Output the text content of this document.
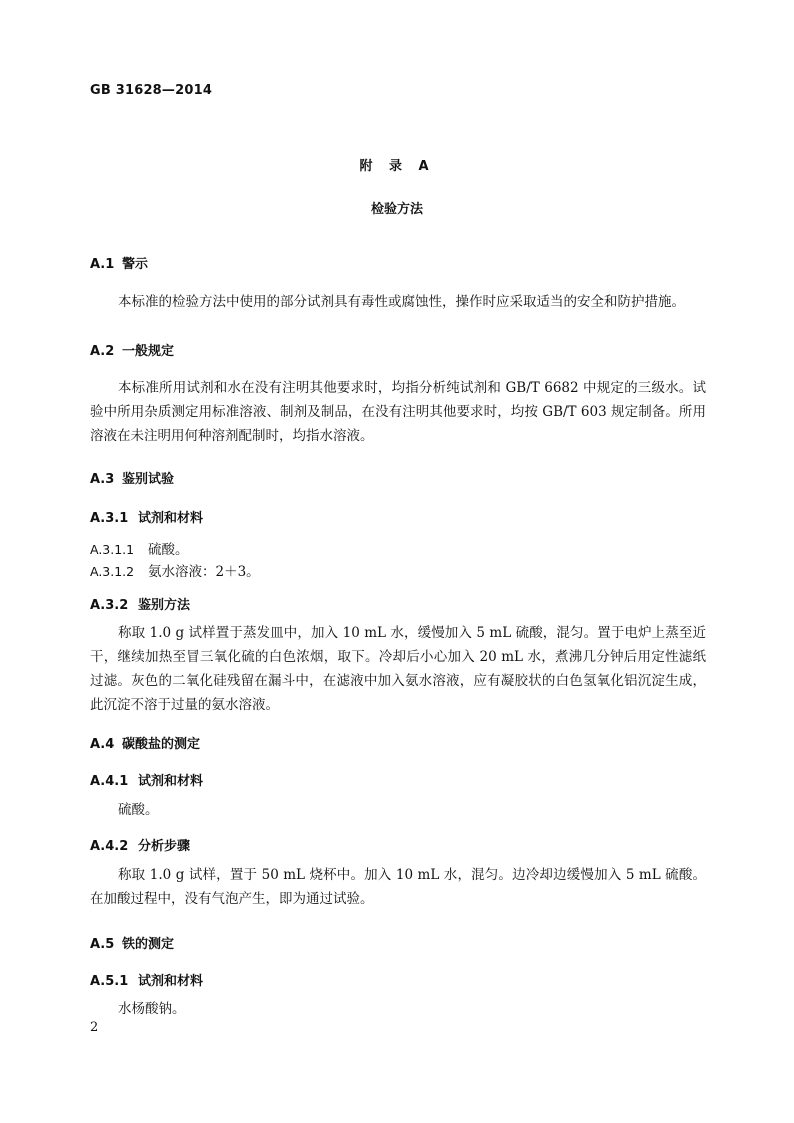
GB 31628—2014
附 录 A
检验方法
A.1 警示
本标准的检验方法中使用的部分试剂具有毒性或腐蚀性，操作时应采取适当的安全和防护措施。
A.2 一般规定
本标准所用试剂和水在没有注明其他要求时，均指分析纯试剂和 GB/T 6682 中规定的三级水。试验中所用杂质测定用标准溶液、制剂及制品，在没有注明其他要求时，均按 GB/T 603 规定制备。所用溶液在未注明用何种溶剂配制时，均指水溶液。
A.3 鉴别试验
A.3.1 试剂和材料
A.3.1.1 硫酸。
A.3.1.2 氨水溶液：2＋3。
A.3.2 鉴别方法
称取 1.0 g 试样置于蒸发皿中，加入 10 mL 水，缓慢加入 5 mL 硫酸，混匀。置于电炉上蒸至近干，继续加热至冒三氧化硫的白色浓烟，取下。冷却后小心加入 20 mL 水，煮沸几分钟后用定性滤纸过滤。灰色的二氧化硅残留在漏斗中，在滤液中加入氨水溶液，应有凝胶状的白色氢氧化铝沉淀生成，此沉淀不溶于过量的氨水溶液。
A.4 碳酸盐的测定
A.4.1 试剂和材料
硫酸。
A.4.2 分析步骤
称取 1.0 g 试样，置于 50 mL 烧杯中。加入 10 mL 水，混匀。边冷却边缓慢加入 5 mL 硫酸。在加酸过程中，没有气泡产生，即为通过试验。
A.5 铁的测定
A.5.1 试剂和材料
水杨酸钠。
2
